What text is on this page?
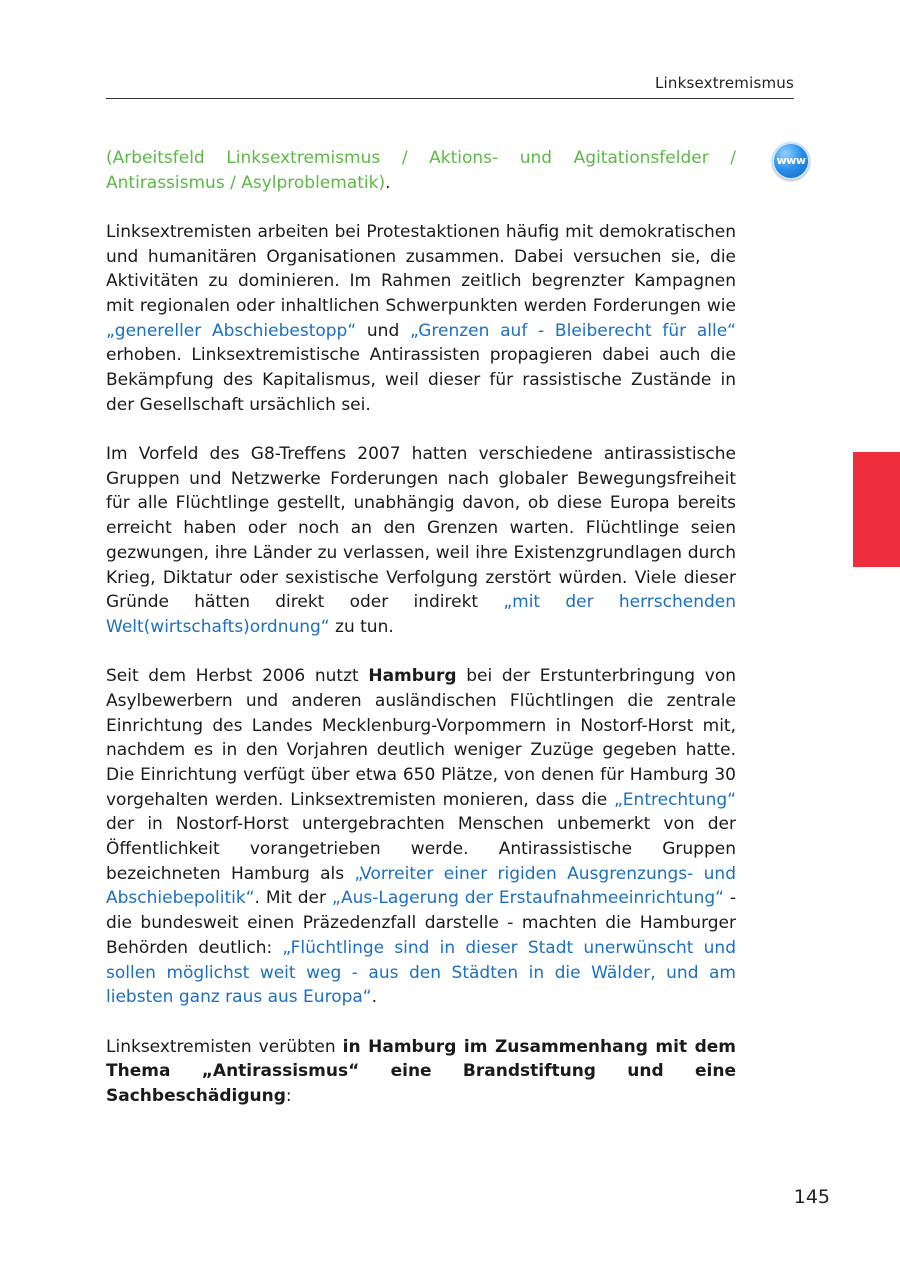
Linksextremismus
www

(Arbeitsfeld Linksextremismus / Aktions- und Agitationsfelder / Antirassismus / Asylproblematik).

Linksextremisten arbeiten bei Protestaktionen häufig mit demokratischen und humanitären Organisationen zusammen. Dabei versuchen sie, die Aktivitäten zu dominieren. Im Rahmen zeitlich begrenzter Kampagnen mit regionalen oder inhaltlichen Schwerpunkten werden Forderungen wie „genereller Abschiebestopp“ und „Grenzen auf - Bleiberecht für alle“ erhoben. Linksextremistische Antirassisten propagieren dabei auch die Bekämpfung des Kapitalismus, weil dieser für rassistische Zustände in der Gesellschaft ursächlich sei.

Im Vorfeld des G8-Treffens 2007 hatten verschiedene antirassistische Gruppen und Netzwerke Forderungen nach globaler Bewegungsfreiheit für alle Flüchtlinge gestellt, unabhängig davon, ob diese Europa bereits erreicht haben oder noch an den Grenzen warten. Flüchtlinge seien gezwungen, ihre Länder zu verlassen, weil ihre Existenzgrundlagen durch Krieg, Diktatur oder sexistische Verfolgung zerstört würden. Viele dieser Gründe hätten direkt oder indirekt „mit der herrschenden Welt(wirtschafts)ordnung“ zu tun.

Seit dem Herbst 2006 nutzt Hamburg bei der Erstunterbringung von Asylbewerbern und anderen ausländischen Flüchtlingen die zentrale Einrichtung des Landes Mecklenburg-Vorpommern in Nostorf-Horst mit, nachdem es in den Vorjahren deutlich weniger Zuzüge gegeben hatte. Die Einrichtung verfügt über etwa 650 Plätze, von denen für Hamburg 30 vorgehalten werden. Linksextremisten monieren, dass die „Entrechtung“ der in Nostorf-Horst untergebrachten Menschen unbemerkt von der Öffentlichkeit vorangetrieben werde. Antirassistische Gruppen bezeichneten Hamburg als „Vorreiter einer rigiden Ausgrenzungs- und Abschiebepolitik“. Mit der „Aus-Lagerung der Erstaufnahmeeinrichtung“ - die bundesweit einen Präzedenzfall darstelle - machten die Hamburger Behörden deutlich: „Flüchtlinge sind in dieser Stadt unerwünscht und sollen möglichst weit weg - aus den Städten in die Wälder, und am liebsten ganz raus aus Europa“.

Linksextremisten verübten in Hamburg im Zusammenhang mit dem Thema „Antirassismus“ eine Brandstiftung und eine Sachbeschädigung:

145
